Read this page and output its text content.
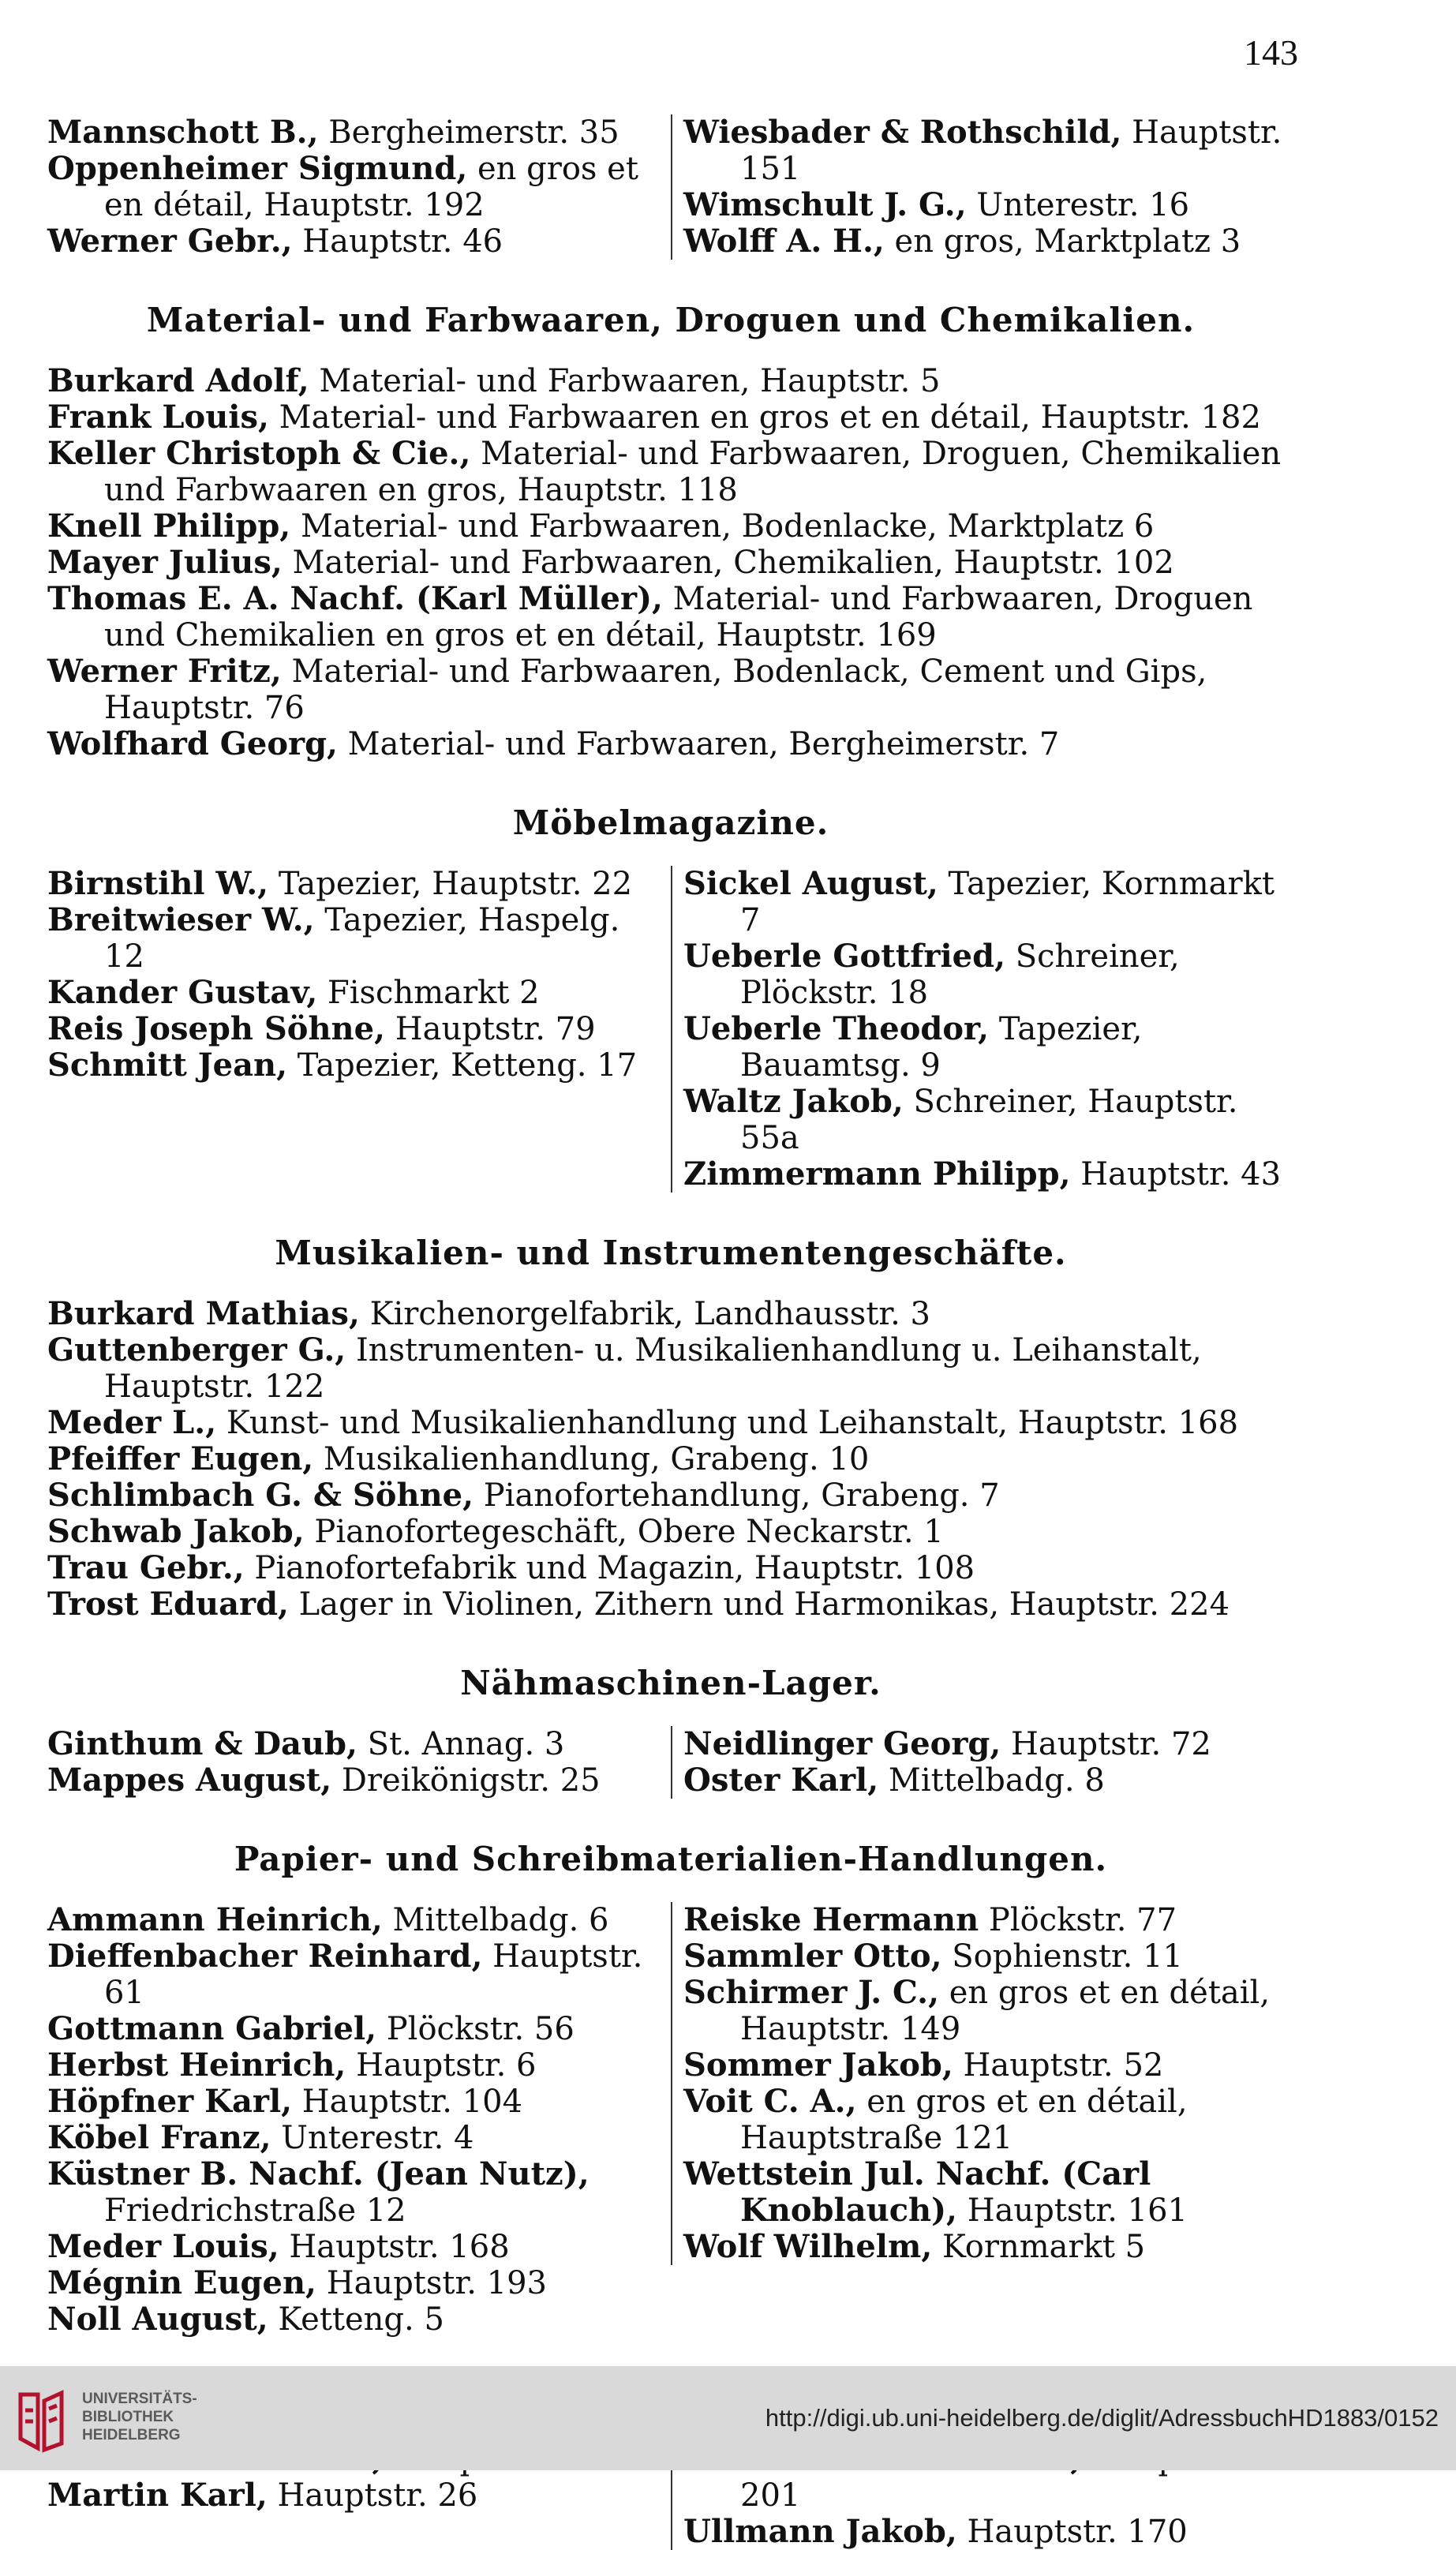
143

Mannschott B., Bergheimerstr. 35

Oppenheimer Sigmund, en gros et en détail, Hauptstr. 192

Werner Gebr., Hauptstr. 46

Wiesbader & Rothschild, Hauptstr. 151

Wimschult J. G., Unterestr. 16

Wolff A. H., en gros, Marktplatz 3

Material- und Farbwaaren, Droguen und Chemikalien.

Burkard Adolf, Material- und Farbwaaren, Hauptstr. 5

Frank Louis, Material- und Farbwaaren en gros et en détail, Hauptstr. 182

Keller Christoph & Cie., Material- und Farbwaaren, Droguen, Chemikalien und Farbwaaren en gros, Hauptstr. 118

Knell Philipp, Material- und Farbwaaren, Bodenlacke, Marktplatz 6

Mayer Julius, Material- und Farbwaaren, Chemikalien, Hauptstr. 102

Thomas E. A. Nachf. (Karl Müller), Material- und Farbwaaren, Droguen und Chemikalien en gros et en détail, Hauptstr. 169

Werner Fritz, Material- und Farbwaaren, Bodenlack, Cement und Gips, Hauptstr. 76

Wolfhard Georg, Material- und Farbwaaren, Bergheimerstr. 7

Möbelmagazine.

Birnstihl W., Tapezier, Hauptstr. 22

Breitwieser W., Tapezier, Haspelg. 12

Kander Gustav, Fischmarkt 2

Reis Joseph Söhne, Hauptstr. 79

Schmitt Jean, Tapezier, Ketteng. 17

Sickel August, Tapezier, Kornmarkt 7

Ueberle Gottfried, Schreiner, Plöckstr. 18

Ueberle Theodor, Tapezier, Bauamtsg. 9

Waltz Jakob, Schreiner, Hauptstr. 55a

Zimmermann Philipp, Hauptstr. 43

Musikalien- und Instrumentengeschäfte.

Burkard Mathias, Kirchenorgelfabrik, Landhausstr. 3

Guttenberger G., Instrumenten- u. Musikalienhandlung u. Leihanstalt, Hauptstr. 122

Meder L., Kunst- und Musikalienhandlung und Leihanstalt, Hauptstr. 168

Pfeiffer Eugen, Musikalienhandlung, Grabeng. 10

Schlimbach G. & Söhne, Pianofortehandlung, Grabeng. 7

Schwab Jakob, Pianofortegeschäft, Obere Neckarstr. 1

Trau Gebr., Pianofortefabrik und Magazin, Hauptstr. 108

Trost Eduard, Lager in Violinen, Zithern und Harmonikas, Hauptstr. 224

Nähmaschinen-Lager.

Ginthum & Daub, St. Annag. 3

Mappes August, Dreikönigstr. 25

Neidlinger Georg, Hauptstr. 72

Oster Karl, Mittelbadg. 8

Papier- und Schreibmaterialien-Handlungen.

Ammann Heinrich, Mittelbadg. 6

Dieffenbacher Reinhard, Hauptstr. 61

Gottmann Gabriel, Plöckstr. 56

Herbst Heinrich, Hauptstr. 6

Höpfner Karl, Hauptstr. 104

Köbel Franz, Unterestr. 4

Küstner B. Nachf. (Jean Nutz), Friedrichstraße 12

Meder Louis, Hauptstr. 168

Mégnin Eugen, Hauptstr. 193

Noll August, Ketteng. 5

Reiske Hermann Plöckstr. 77

Sammler Otto, Sophienstr. 11

Schirmer J. C., en gros et en détail, Hauptstr. 149

Sommer Jakob, Hauptstr. 52

Voit C. A., en gros et en détail, Hauptstraße 121

Wettstein Jul. Nachf. (Carl Knoblauch), Hauptstr. 161

Wolf Wilhelm, Kornmarkt 5

Martin Karl, Hauptstr. 26	201

Ullmann Jakob, Hauptstr. 170

UNIVERSITÄTS-
BIBLIOTHEK
HEIDELBERG
http://digi.ub.uni-heidelberg.de/diglit/AdressbuchHD1883/0152
